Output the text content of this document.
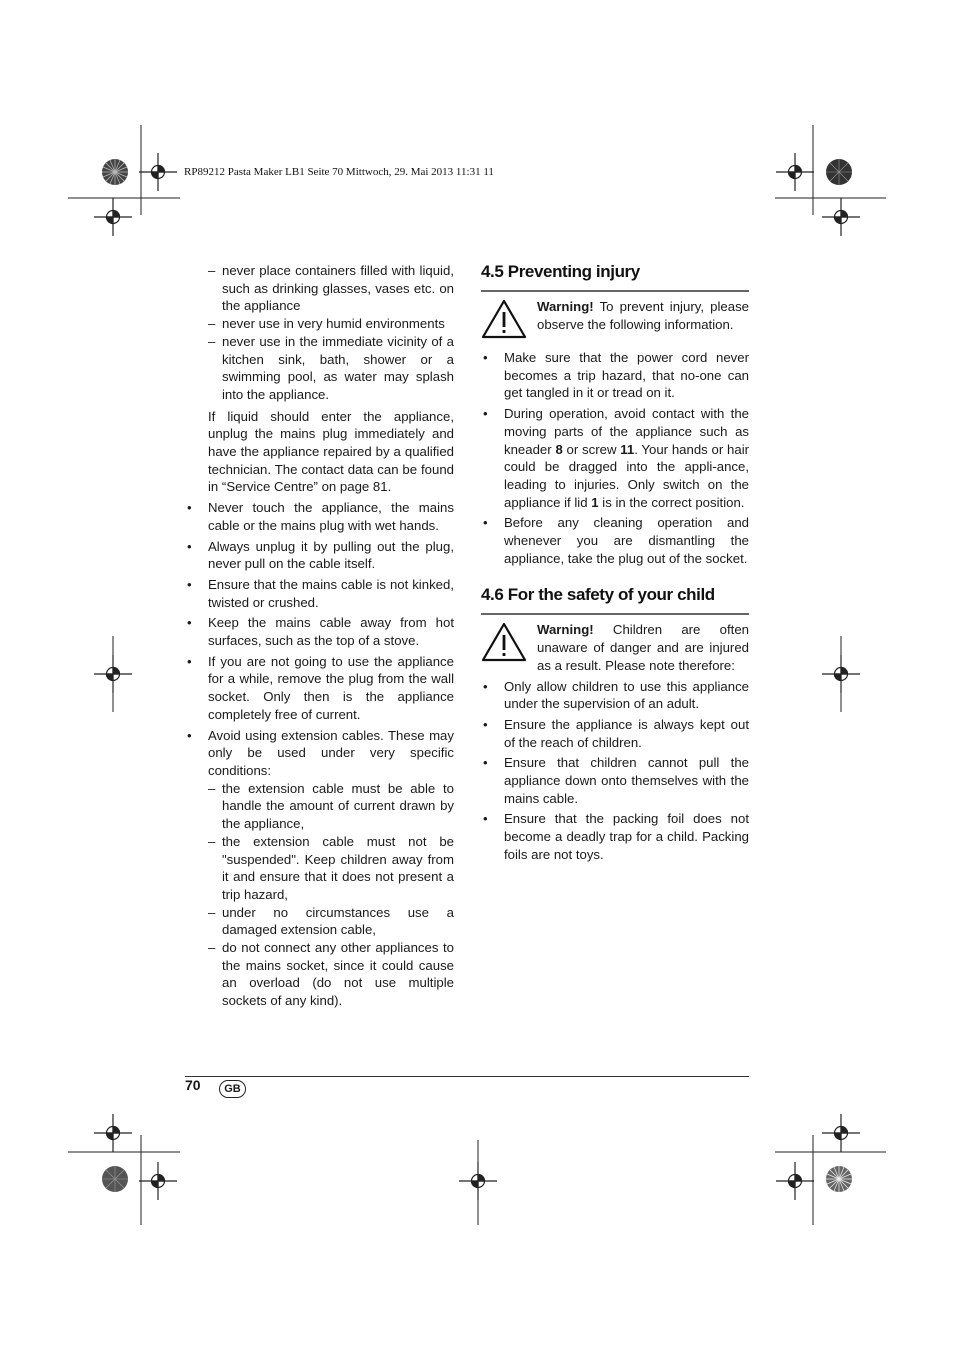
RP89212 Pasta Maker LB1 Seite 70 Mittwoch, 29. Mai 2013 11:31 11
– never place containers filled with liquid, such as drinking glasses, vases etc. on the appliance
– never use in very humid environments
– never use in the immediate vicinity of a kitchen sink, bath, shower or a swimming pool, as water may splash into the appliance.
If liquid should enter the appliance, unplug the mains plug immediately and have the appliance repaired by a qualified technician. The contact data can be found in “Service Centre” on page 81.
• Never touch the appliance, the mains cable or the mains plug with wet hands.
• Always unplug it by pulling out the plug, never pull on the cable itself.
• Ensure that the mains cable is not kinked, twisted or crushed.
• Keep the mains cable away from hot surfaces, such as the top of a stove.
• If you are not going to use the appliance for a while, remove the plug from the wall socket. Only then is the appliance completely free of current.
• Avoid using extension cables. These may only be used under very specific conditions:
– the extension cable must be able to handle the amount of current drawn by the appliance,
– the extension cable must not be "suspended". Keep children away from it and ensure that it does not present a trip hazard,
– under no circumstances use a damaged extension cable,
– do not connect any other appliances to the mains socket, since it could cause an overload (do not use multiple sockets of any kind).
4.5 Preventing injury
Warning! To prevent injury, please observe the following information.
• Make sure that the power cord never becomes a trip hazard, that no-one can get tangled in it or tread on it.
• During operation, avoid contact with the moving parts of the appliance such as kneader 8 or screw 11. Your hands or hair could be dragged into the appli-ance, leading to injuries. Only switch on the appliance if lid 1 is in the correct position.
• Before any cleaning operation and whenever you are dismantling the appliance, take the plug out of the socket.
4.6 For the safety of your child
Warning! Children are often unaware of danger and are injured as a result. Please note therefore:
• Only allow children to use this appliance under the supervision of an adult.
• Ensure the appliance is always kept out of the reach of children.
• Ensure that children cannot pull the appliance down onto themselves with the mains cable.
• Ensure that the packing foil does not become a deadly trap for a child. Packing foils are not toys.
70	GB
